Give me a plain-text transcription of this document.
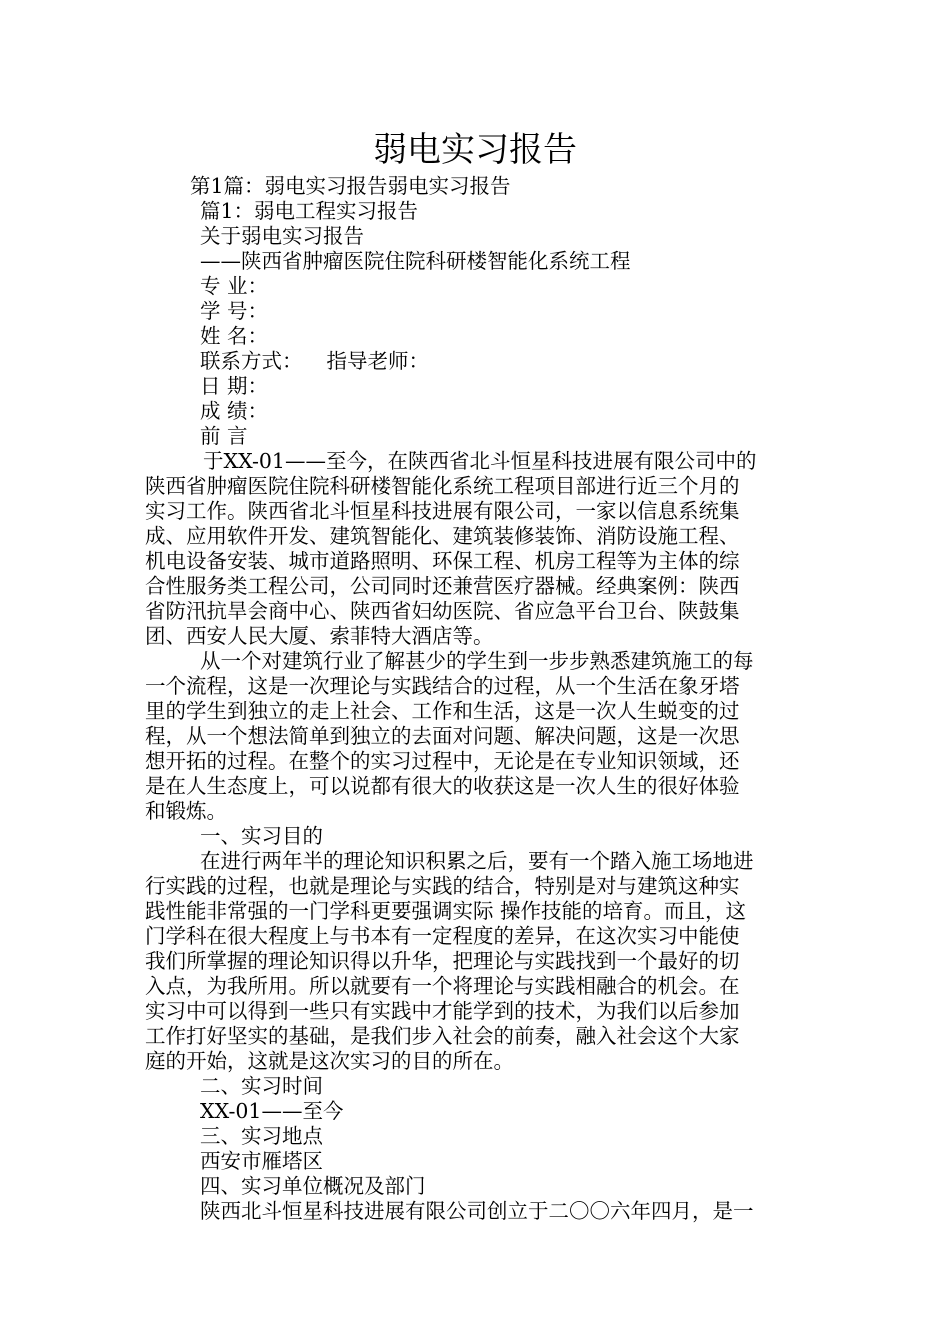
弱电实习报告
第1篇：弱电实习报告弱电实习报告
篇1：弱电工程实习报告
关于弱电实习报告
——陕西省肿瘤医院住院科研楼智能化系统工程
专 业：
学 号：
姓 名：
联系方式： 指导老师：
日 期：
成 绩：
前 言
于XX-01——至今，在陕西省北斗恒星科技进展有限公司中的
陕西省肿瘤医院住院科研楼智能化系统工程项目部进行近三个月的
实习工作。陕西省北斗恒星科技进展有限公司，一家以信息系统集
成、应用软件开发、建筑智能化、建筑装修装饰、消防设施工程、
机电设备安装、城市道路照明、环保工程、机房工程等为主体的综
合性服务类工程公司，公司同时还兼营医疗器械。经典案例：陕西
省防汛抗旱会商中心、陕西省妇幼医院、省应急平台卫台、陕鼓集
团、西安人民大厦、索菲特大酒店等。
从一个对建筑行业了解甚少的学生到一步步熟悉建筑施工的每
一个流程，这是一次理论与实践结合的过程，从一个生活在象牙塔
里的学生到独立的走上社会、工作和生活，这是一次人生蜕变的过
程，从一个想法简单到独立的去面对问题、解决问题，这是一次思
想开拓的过程。在整个的实习过程中，无论是在专业知识领域，还
是在人生态度上，可以说都有很大的收获这是一次人生的很好体验
和锻炼。
一、实习目的
在进行两年半的理论知识积累之后，要有一个踏入施工场地进
行实践的过程，也就是理论与实践的结合，特别是对与建筑这种实
践性能非常强的一门学科更要强调实际 操作技能的培育。而且，这
门学科在很大程度上与书本有一定程度的差异，在这次实习中能使
我们所掌握的理论知识得以升华，把理论与实践找到一个最好的切
入点，为我所用。所以就要有一个将理论与实践相融合的机会。在
实习中可以得到一些只有实践中才能学到的技术，为我们以后参加
工作打好坚实的基础，是我们步入社会的前奏，融入社会这个大家
庭的开始，这就是这次实习的目的所在。
二、实习时间
XX-01——至今
三、实习地点
西安市雁塔区
四、实习单位概况及部门
陕西北斗恒星科技进展有限公司创立于二〇〇六年四月，是一
